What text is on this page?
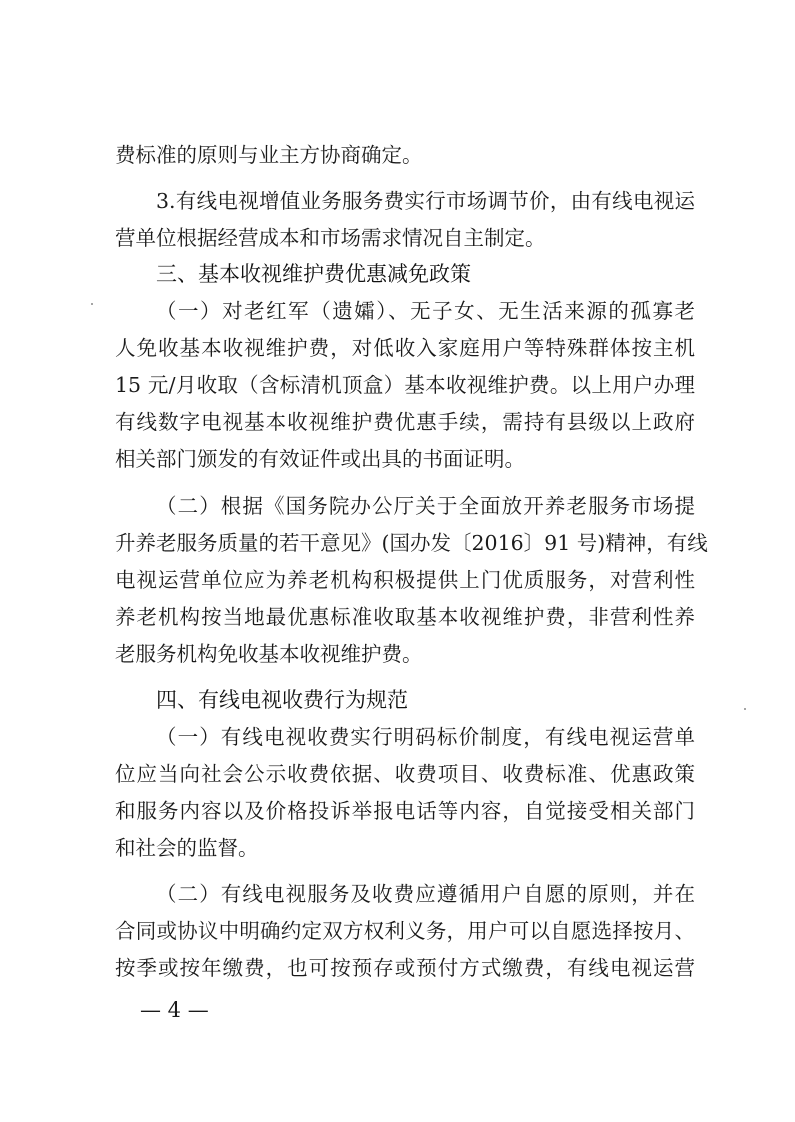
费标准的原则与业主方协商确定。
3.有线电视增值业务服务费实行市场调节价，由有线电视运
营单位根据经营成本和市场需求情况自主制定。
三、基本收视维护费优惠减免政策
（一）对老红军（遗孀）、无子女、无生活来源的孤寡老
人免收基本收视维护费，对低收入家庭用户等特殊群体按主机
15 元/月收取（含标清机顶盒）基本收视维护费。以上用户办理
有线数字电视基本收视维护费优惠手续，需持有县级以上政府
相关部门颁发的有效证件或出具的书面证明。
（二）根据《国务院办公厅关于全面放开养老服务市场提
升养老服务质量的若干意见》(国办发〔2016〕91 号)精神，有线
电视运营单位应为养老机构积极提供上门优质服务，对营利性
养老机构按当地最优惠标准收取基本收视维护费，非营利性养
老服务机构免收基本收视维护费。
四、有线电视收费行为规范
（一）有线电视收费实行明码标价制度，有线电视运营单
位应当向社会公示收费依据、收费项目、收费标准、优惠政策
和服务内容以及价格投诉举报电话等内容，自觉接受相关部门
和社会的监督。
（二）有线电视服务及收费应遵循用户自愿的原则，并在
合同或协议中明确约定双方权利义务，用户可以自愿选择按月、
按季或按年缴费，也可按预存或预付方式缴费，有线电视运营
— 4 —
